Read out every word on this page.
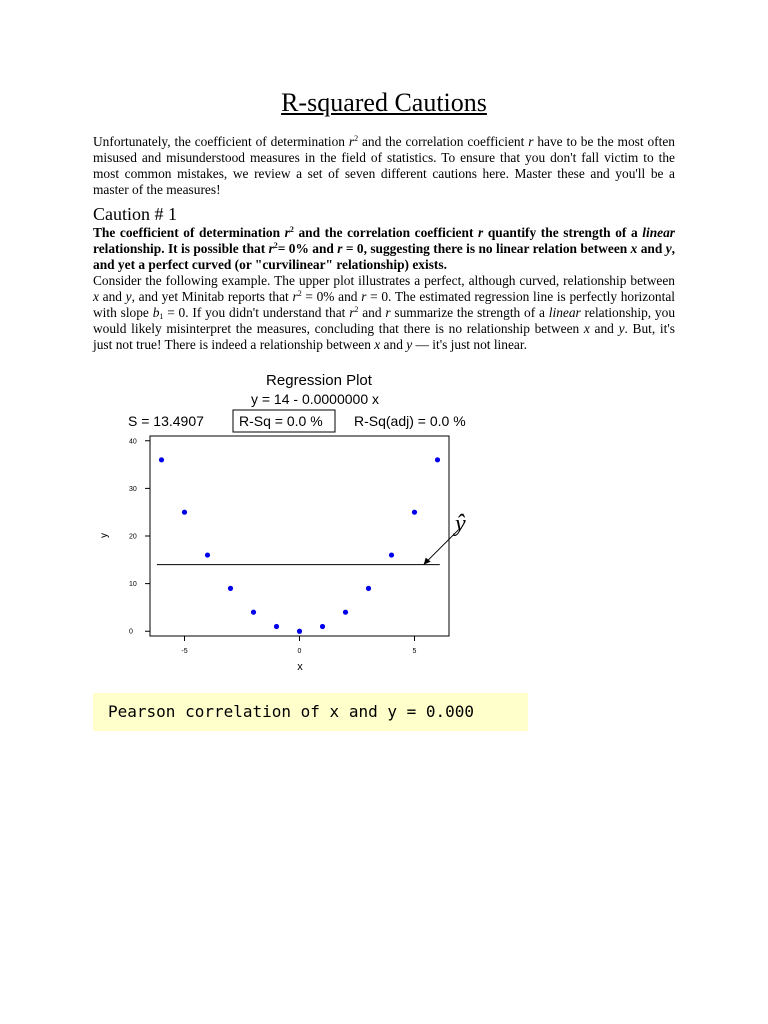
R-squared Cautions

Unfortunately, the coefficient of determination $r^2$ and the correlation coefficient r have to be the most often misused and misunderstood measures in the field of statistics. To ensure that you don't fall victim to the most common mistakes, we review a set of seven different cautions here. Master these and you'll be a master of the measures!

Caution # 1

The coefficient of determination $r^2$ and the correlation coefficient r quantify the strength of a linear relationship. It is possible that $r^2= 0\%$ and r = 0, suggesting there is no linear relation between x and y, and yet a perfect curved (or "curvilinear" relationship) exists.

Consider the following example. The upper plot illustrates a perfect, although curved, relationship between x and y, and yet Minitab reports that $r^2 = 0\%$ and r = 0. The estimated regression line is perfectly horizontal with slope $b_1 = 0$. If you didn't understand that $r^2$ and r summarize the strength of a linear relationship, you would likely misinterpret the measures, concluding that there is no relationship between x and y. But, it's just not true! There is indeed a relationship between x and y — it's just not linear.

Regression Plot
y = 14 - 0.0000000 x
S = 13.4907	R-Sq = 0.0 % R-Sq(adj) = 0.0 %
y
x
ŷ
0
10
20
30
40
-5	0	5
Pearson correlation of x and y = 0.000
